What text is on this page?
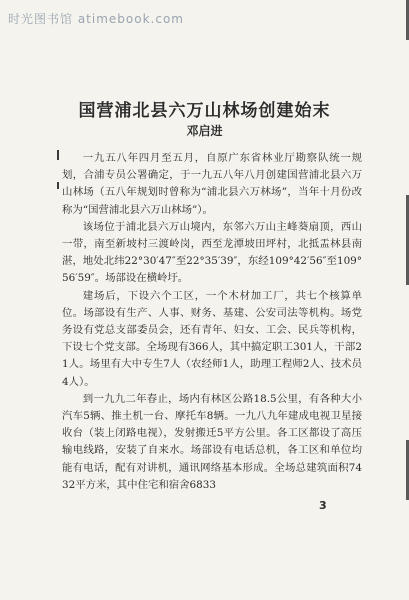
时光图书馆 atimebook.com
国营浦北县六万山林场创建始末
邓启进

一九五八年四月至五月，自原广东省林业厅勘察队统一规划，合浦专员公署确定，于一九五八年八月创建国营浦北县六万山林场（五八年规划时曾称为“浦北县六万林场”，当年十月份改称为“国营浦北县六万山林场”）。

该场位于浦北县六万山境内，东邻六万山主峰葵扇顶，西山一带，南至新坡村三渡岭岗，西至龙潭坡田坪村，北抵盂林县南湛，地处北纬22°30′47″至22°35′39″，东经109°42′56″至109°56′59″。场部设在横岭圩。

建场后，下设六个工区，一个木材加工厂，共七个核算单位。场部设有生产、人事、财务、基建、公安司法等机构。场党务设有党总支部委员会，还有青年、妇女、工会、民兵等机构，下设七个党支部。全场现有366人，其中搞定职工301人，干部21人。场里有大中专生7人（农经师1人，助理工程师2人、技术员4人）。

到一九九二年春止，场内有林区公路18.5公里，有各种大小汽车5辆、推土机一台、摩托车8辆。一九八九年建成电视卫星接收台（装上闭路电视），发射搬迁5平方公里。各工区都设了高压输电线路，安装了自来水。场部设有电话总机，各工区和单位均能有电话，配有对讲机，通讯网络基本形成。全场总建筑面积7432平方米，其中住宅和宿舍6833

3
